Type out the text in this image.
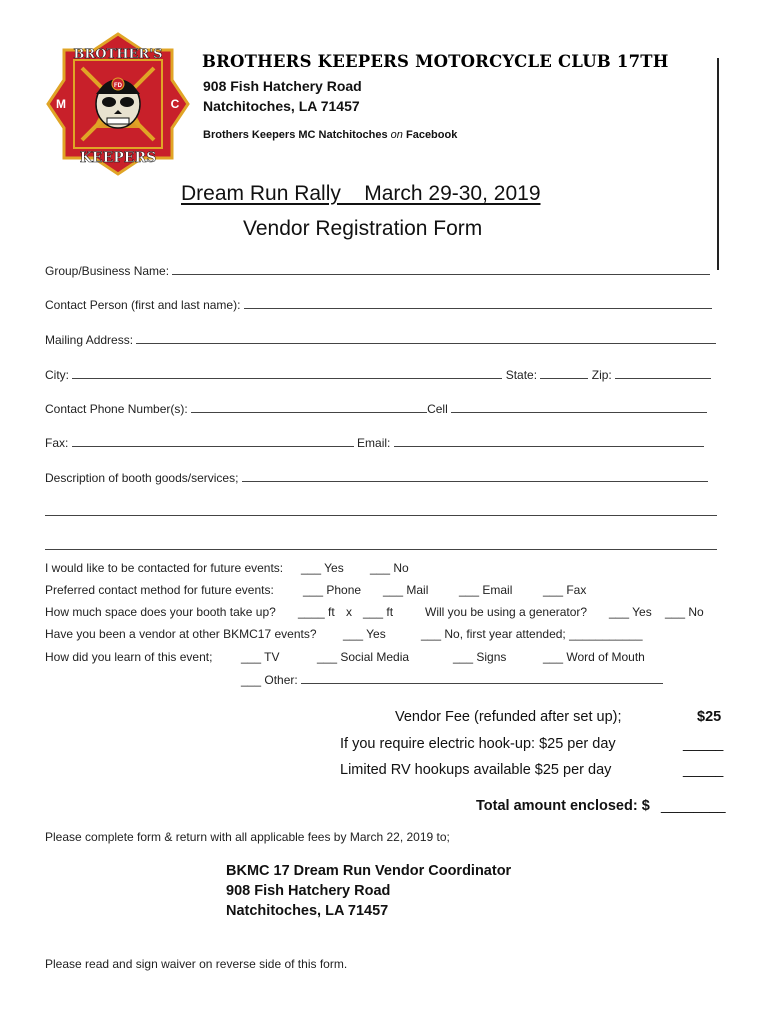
FD
BROTHER'S
KEEPERS
M	C
BROTHERS KEEPERS MOTORCYCLE CLUB 17TH
908 Fish Hatchery Road
Natchitoches, LA 71457
Brothers Keepers MC Natchitoches on Facebook
Dream Run Rally    March 29-30, 2019
Vendor Registration Form
Group/Business Name:
Contact Person (first and last name):
Mailing Address:
City:	State:	Zip:
Contact Phone Number(s):	Cell
Fax:	Email:
Description of booth goods/services;
I would like to be contacted for future events: ___ Yes ___ No
Preferred contact method for future events: ___ Phone ___ Mail	___ Email	___ Fax
How much space does your booth take up? ____ ft x ___ ft	Will you be using a generator? ___ Yes ___ No
Have you been a vendor at other BKMC17 events? ___ Yes	___ No, first year attended; ___________
How did you learn of this event; ___ TV	___ Social Media	___ Signs	___ Word of Mouth
___ Other:
Vendor Fee (refunded after set up);	$25
If you require electric hook-up: $25 per day	_____
Limited RV hookups available $25 per day	_____
Total amount enclosed: $ ________
Please complete form & return with all applicable fees by March 22, 2019 to;
BKMC 17 Dream Run Vendor Coordinator
908 Fish Hatchery Road
Natchitoches, LA 71457
Please read and sign waiver on reverse side of this form.
